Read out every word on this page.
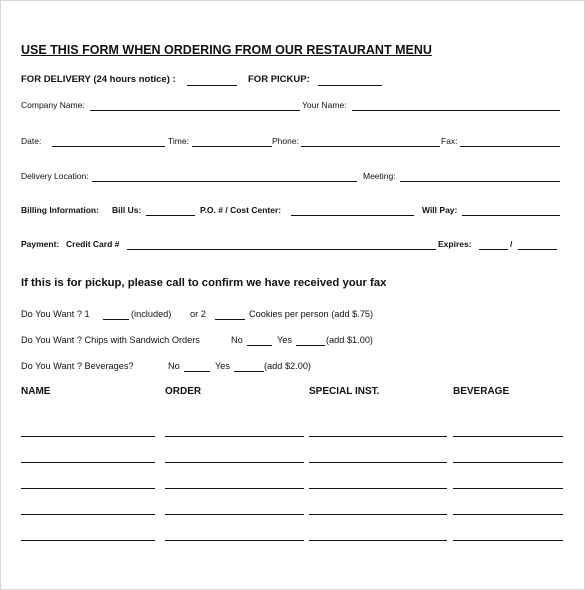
USE THIS FORM WHEN ORDERING FROM OUR RESTAURANT MENU
FOR DELIVERY (24 hours notice) :	FOR PICKUP:
Company Name:	Your Name:
Date:	Time:	Phone:	Fax:
Delivery Location:	Meeting:
Billing Information: Bill Us:	P.O. # / Cost Center:	Will Pay:
Payment: Credit Card #	Expires:	/
If this is for pickup, please call to confirm we have received your fax
Do You Want ? 1	(included) or 2	Cookies per person (add $.75)
Do You Want ? Chips with Sandwich Orders	No	Yes	(add $1.00)
Do You Want ? Beverages?	No	Yes	(add $2.00)
NAME	ORDER	SPECIAL INST.	BEVERAGE
